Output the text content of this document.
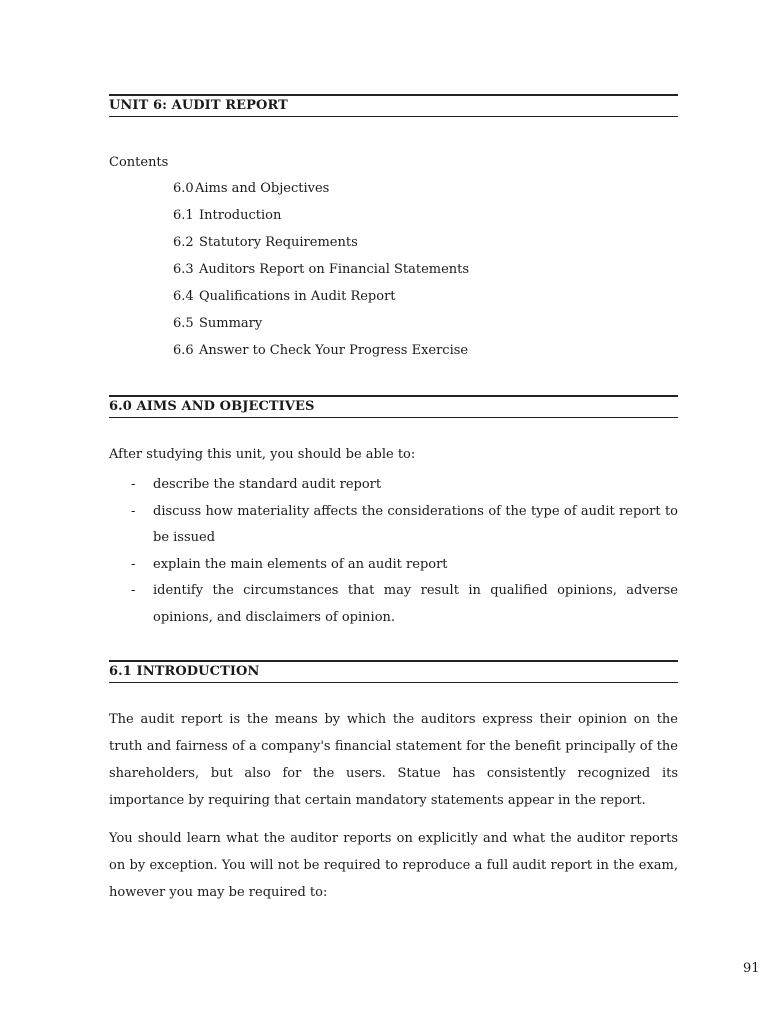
UNIT 6: AUDIT REPORT
Contents
6.0Aims and Objectives
6.1 Introduction
6.2 Statutory Requirements
6.3 Auditors Report on Financial Statements
6.4 Qualifications in Audit Report
6.5 Summary
6.6 Answer to Check Your Progress Exercise
6.0 AIMS AND OBJECTIVES
After studying this unit, you should be able to:
- describe the standard audit report
- discuss how materiality affects the considerations of the type of audit report to be issued
- explain the main elements of an audit report
- identify the circumstances that may result in qualified opinions, adverse opinions, and disclaimers of opinion.
6.1 INTRODUCTION

The audit report is the means by which the auditors express their opinion on the truth and fairness of a company's financial statement for the benefit principally of the shareholders, but also for the users. Statue has consistently recognized its importance by requiring that certain mandatory statements appear in the report.

You should learn what the auditor reports on explicitly and what the auditor reports on by exception. You will not be required to reproduce a full audit report in the exam, however you may be required to:

91
